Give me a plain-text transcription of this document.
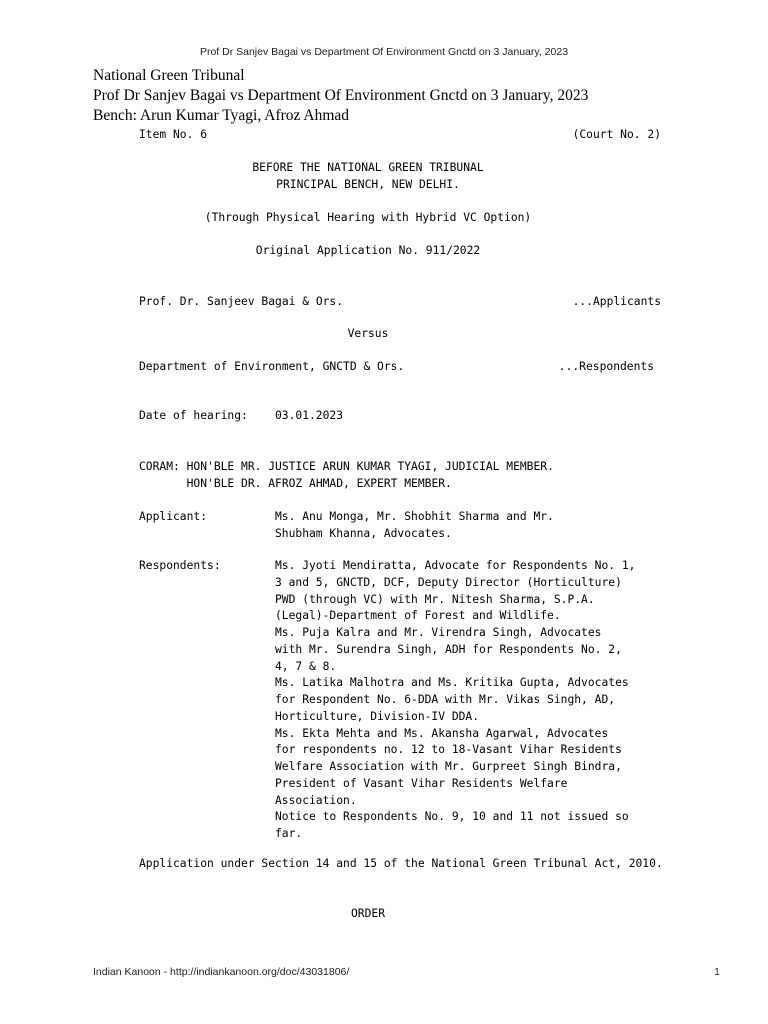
Prof Dr Sanjev Bagai vs Department Of Environment Gnctd on 3 January, 2023
National Green Tribunal
Prof Dr Sanjev Bagai vs Department Of Environment Gnctd on 3 January, 2023
Bench: Arun Kumar Tyagi, Afroz Ahmad
Item No. 6	(Court No. 2)
BEFORE THE NATIONAL GREEN TRIBUNAL
PRINCIPAL BENCH, NEW DELHI.
(Through Physical Hearing with Hybrid VC Option)
Original Application No. 911/2022
Prof. Dr. Sanjeev Bagai & Ors.	...Applicants
Versus
Department of Environment, GNCTD & Ors.	...Respondents
Date of hearing: 03.01.2023
CORAM: HON'BLE MR. JUSTICE ARUN KUMAR TYAGI, JUDICIAL MEMBER.
HON'BLE DR. AFROZ AHMAD, EXPERT MEMBER.
Applicant:	Ms. Anu Monga, Mr. Shobhit Sharma and Mr.
Shubham Khanna, Advocates.
Respondents:	Ms. Jyoti Mendiratta, Advocate for Respondents No. 1,
3 and 5, GNCTD, DCF, Deputy Director (Horticulture)
PWD (through VC) with Mr. Nitesh Sharma, S.P.A.
(Legal)-Department of Forest and Wildlife.
Ms. Puja Kalra and Mr. Virendra Singh, Advocates
with Mr. Surendra Singh, ADH for Respondents No. 2,
4, 7 & 8.
Ms. Latika Malhotra and Ms. Kritika Gupta, Advocates
for Respondent No. 6-DDA with Mr. Vikas Singh, AD,
Horticulture, Division-IV DDA.
Ms. Ekta Mehta and Ms. Akansha Agarwal, Advocates
for respondents no. 12 to 18-Vasant Vihar Residents
Welfare Association with Mr. Gurpreet Singh Bindra,
President of Vasant Vihar Residents Welfare
Association.
Notice to Respondents No. 9, 10 and 11 not issued so
far.
Application under Section 14 and 15 of the National Green Tribunal Act, 2010.
ORDER
Indian Kanoon - http://indiankanoon.org/doc/43031806/	1
